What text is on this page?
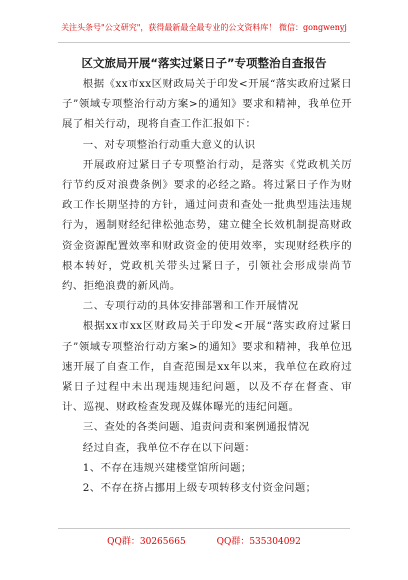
关注头条号"公文研究"，获得最新最全最专业的公文资料库！ 微信：gongwenyj
区文旅局开展“落实过紧日子”专项整治自查报告

根据《xx市xx区财政局关于印发<开展“落实政府过紧日子”领域专项整治行动方案>的通知》要求和精神，我单位开展了相关行动，现将自查工作汇报如下：

一、对专项整治行动重大意义的认识

开展政府过紧日子专项整治行动，是落实《党政机关厉行节约反对浪费条例》要求的必经之路。将过紧日子作为财政工作长期坚持的方针，通过问责和查处一批典型违法违规行为，遏制财经纪律松弛态势，建立健全长效机制提高财政资金资源配置效率和财政资金的使用效率，实现财经秩序的根本转好，党政机关带头过紧日子，引领社会形成崇尚节约、拒绝浪费的新风尚。

二、专项行动的具体安排部署和工作开展情况

根据xx市xx区财政局关于印发<开展“落实政府过紧日子”领域专项整治行动方案>的通知》要求和精神，我单位迅速开展了自查工作，自查范围是xx年以来，我单位在政府过紧日子过程中未出现违规违纪问题，以及不存在督查、审计、巡视、财政检查发现及媒体曝光的违纪问题。

三、查处的各类问题、追责问责和案例通报情况

经过自查，我单位不存在以下问题：

1、不存在违规兴建楼堂馆所问题；

2、不存在挤占挪用上级专项转移支付资金问题；

QQ群：30265665	QQ群：535304092
